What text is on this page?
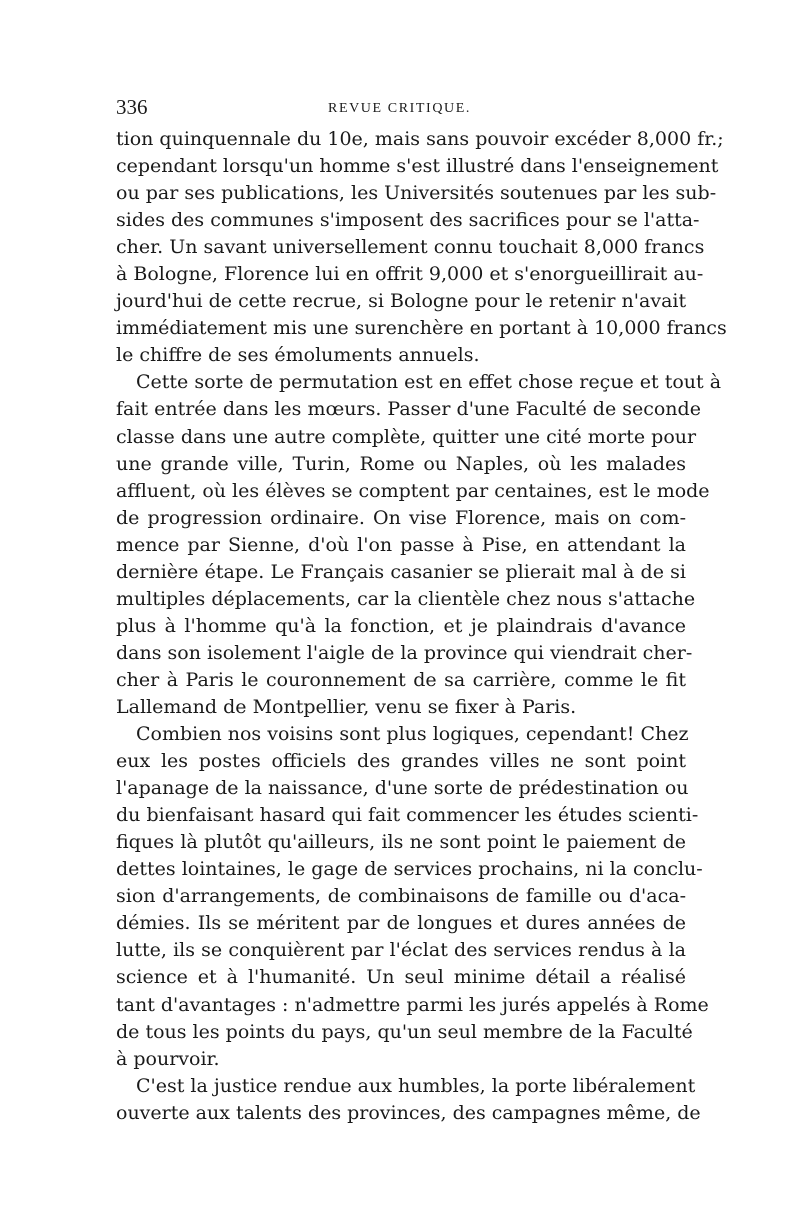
336	REVUE CRITIQUE.
tion quinquennale du 10e, mais sans pouvoir excéder 8,000 fr.;
cependant lorsqu'un homme s'est illustré dans l'enseignement
ou par ses publications, les Universités soutenues par les sub-
sides des communes s'imposent des sacrifices pour se l'atta-
cher. Un savant universellement connu touchait 8,000 francs
à Bologne, Florence lui en offrit 9,000 et s'enorgueillirait au-
jourd'hui de cette recrue, si Bologne pour le retenir n'avait
immédiatement mis une surenchère en portant à 10,000 francs
le chiffre de ses émoluments annuels.
Cette sorte de permutation est en effet chose reçue et tout à
fait entrée dans les mœurs. Passer d'une Faculté de seconde
classe dans une autre complète, quitter une cité morte pour
une grande ville, Turin, Rome ou Naples, où les malades
affluent, où les élèves se comptent par centaines, est le mode
de progression ordinaire. On vise Florence, mais on com-
mence par Sienne, d'où l'on passe à Pise, en attendant la
dernière étape. Le Français casanier se plierait mal à de si
multiples déplacements, car la clientèle chez nous s'attache
plus à l'homme qu'à la fonction, et je plaindrais d'avance
dans son isolement l'aigle de la province qui viendrait cher-
cher à Paris le couronnement de sa carrière, comme le fit
Lallemand de Montpellier, venu se fixer à Paris.
Combien nos voisins sont plus logiques, cependant! Chez
eux les postes officiels des grandes villes ne sont point
l'apanage de la naissance, d'une sorte de prédestination ou
du bienfaisant hasard qui fait commencer les études scienti-
fiques là plutôt qu'ailleurs, ils ne sont point le paiement de
dettes lointaines, le gage de services prochains, ni la conclu-
sion d'arrangements, de combinaisons de famille ou d'aca-
démies. Ils se méritent par de longues et dures années de
lutte, ils se conquièrent par l'éclat des services rendus à la
science et à l'humanité. Un seul minime détail a réalisé
tant d'avantages : n'admettre parmi les jurés appelés à Rome
de tous les points du pays, qu'un seul membre de la Faculté
à pourvoir.
C'est la justice rendue aux humbles, la porte libéralement
ouverte aux talents des provinces, des campagnes même, de
